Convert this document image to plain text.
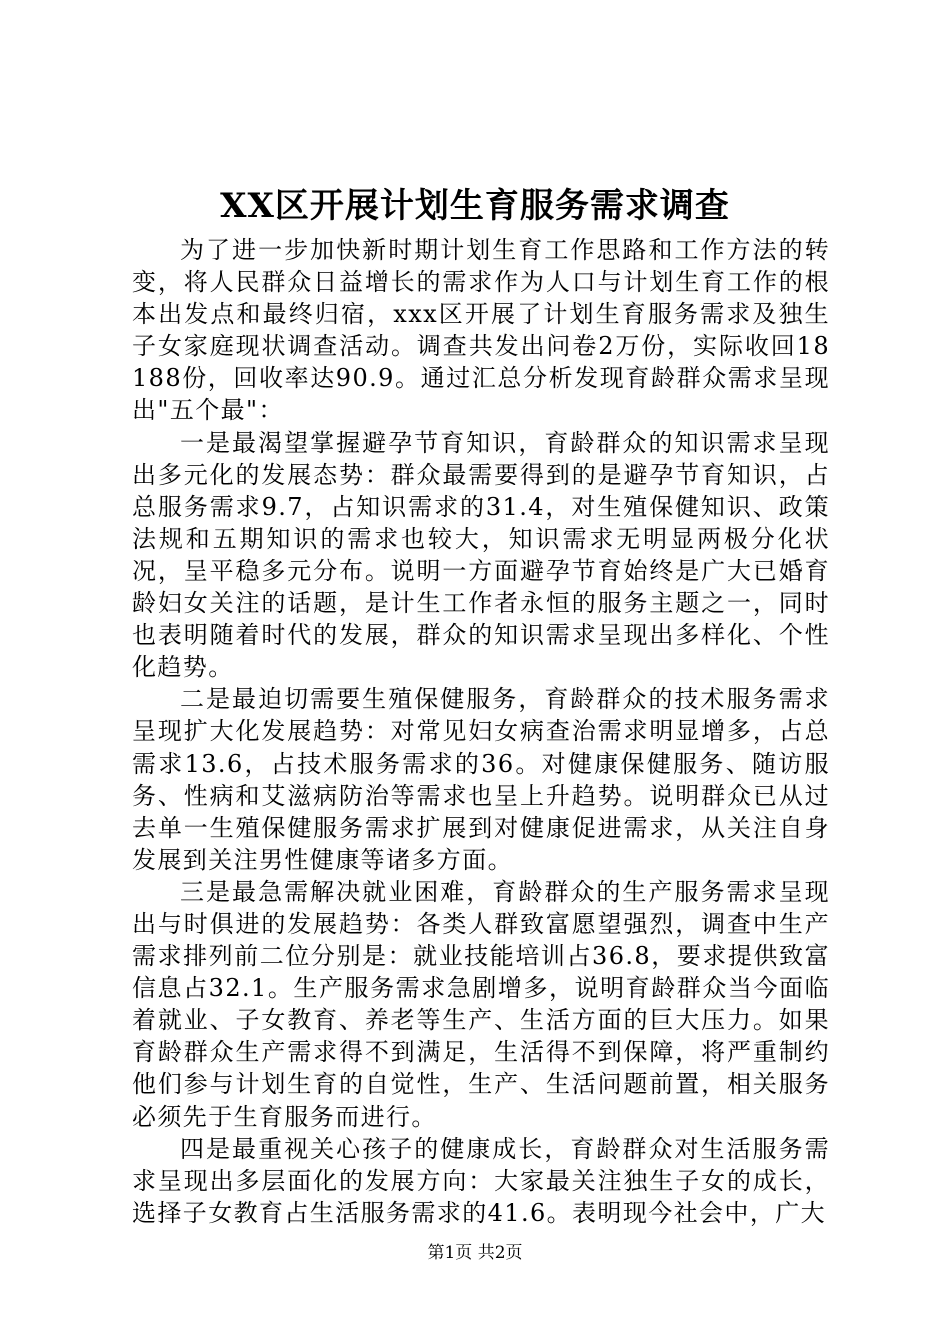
XX区开展计划生育服务需求调查

为了进一步加快新时期计划生育工作思路和工作方法的转变，将人民群众日益增长的需求作为人口与计划生育工作的根本出发点和最终归宿，xxx区开展了计划生育服务需求及独生子女家庭现状调查活动。调查共发出问卷2万份，实际收回18188份，回收率达90.9。通过汇总分析发现育龄群众需求呈现出"五个最"：

一是最渴望掌握避孕节育知识，育龄群众的知识需求呈现出多元化的发展态势：群众最需要得到的是避孕节育知识，占总服务需求9.7，占知识需求的31.4，对生殖保健知识、政策法规和五期知识的需求也较大，知识需求无明显两极分化状况，呈平稳多元分布。说明一方面避孕节育始终是广大已婚育龄妇女关注的话题，是计生工作者永恒的服务主题之一，同时也表明随着时代的发展，群众的知识需求呈现出多样化、个性化趋势。

二是最迫切需要生殖保健服务，育龄群众的技术服务需求呈现扩大化发展趋势：对常见妇女病查治需求明显增多，占总需求13.6，占技术服务需求的36。对健康保健服务、随访服务、性病和艾滋病防治等需求也呈上升趋势。说明群众已从过去单一生殖保健服务需求扩展到对健康促进需求，从关注自身发展到关注男性健康等诸多方面。

三是最急需解决就业困难，育龄群众的生产服务需求呈现出与时俱进的发展趋势：各类人群致富愿望强烈，调查中生产需求排列前二位分别是：就业技能培训占36.8，要求提供致富信息占32.1。生产服务需求急剧增多，说明育龄群众当今面临着就业、子女教育、养老等生产、生活方面的巨大压力。如果育龄群众生产需求得不到满足，生活得不到保障，将严重制约他们参与计划生育的自觉性，生产、生活问题前置，相关服务必须先于生育服务而进行。

四是最重视关心孩子的健康成长，育龄群众对生活服务需求呈现出多层面化的发展方向：大家最关注独生子女的成长，选择子女教育占生活服务需求的41.6。表明现今社会中，广大

第1页 共2页
